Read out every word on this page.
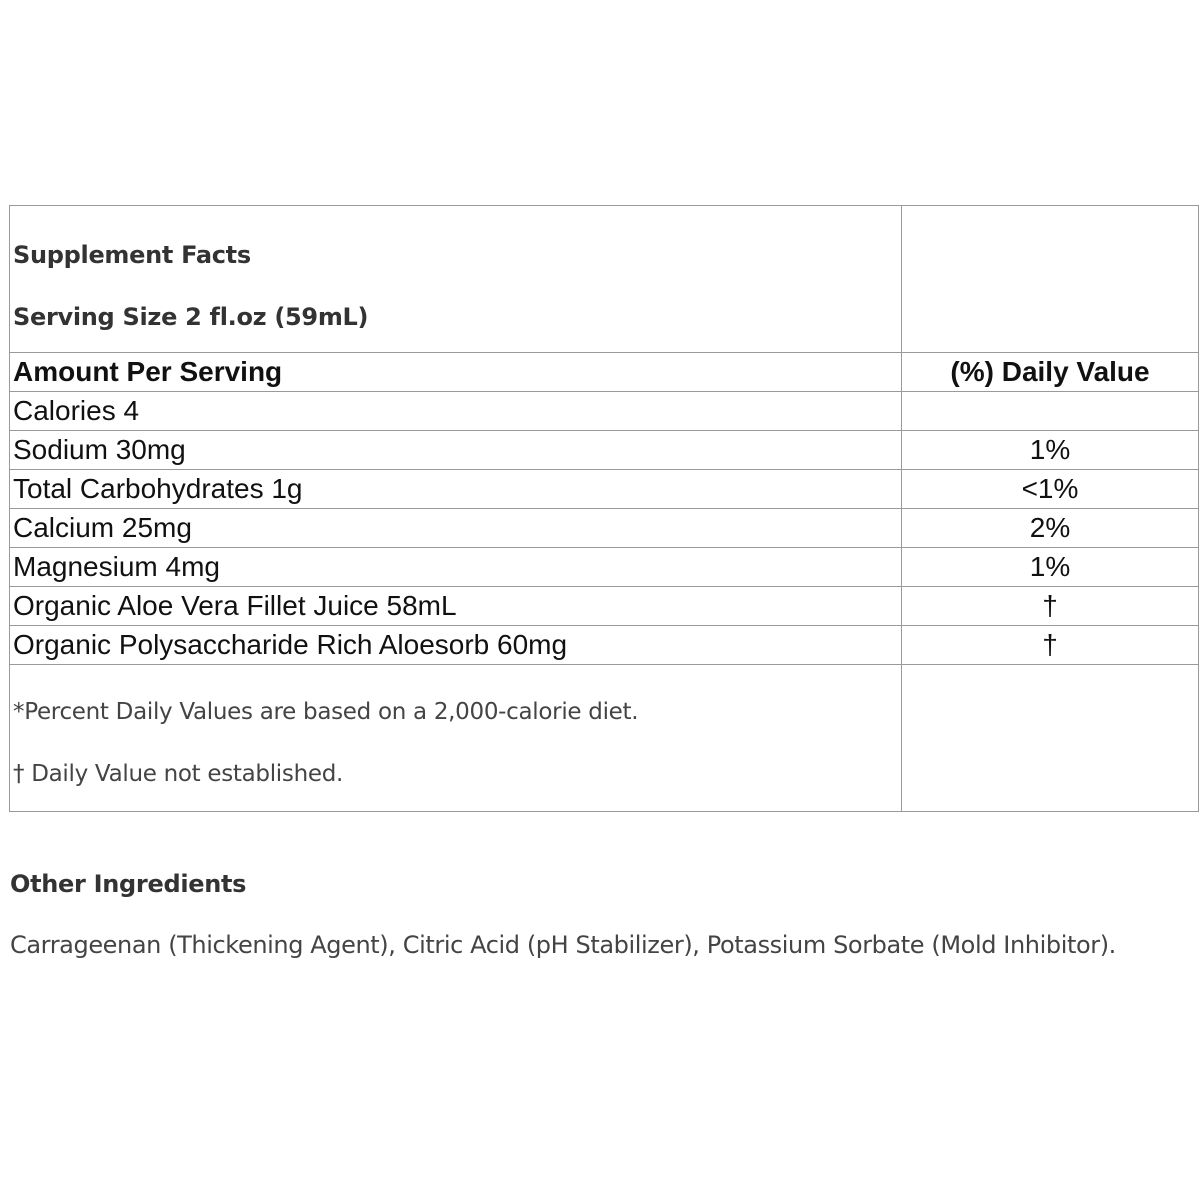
Supplement Facts
Serving Size 2 fl.oz (59mL)	

Amount Per Serving	(%) Daily Value
Calories 4	
Sodium 30mg	1%
Total Carbohydrates 1g	<1%
Calcium 25mg	2%
Magnesium 4mg	1%
Organic Aloe Vera Fillet Juice 58mL	†
Organic Polysaccharide Rich Aloesorb 60mg	†

*Percent Daily Values are based on a 2,000-calorie diet.
† Daily Value not established.	

Other Ingredients
Carrageenan (Thickening Agent), Citric Acid (pH Stabilizer), Potassium Sorbate (Mold Inhibitor).
